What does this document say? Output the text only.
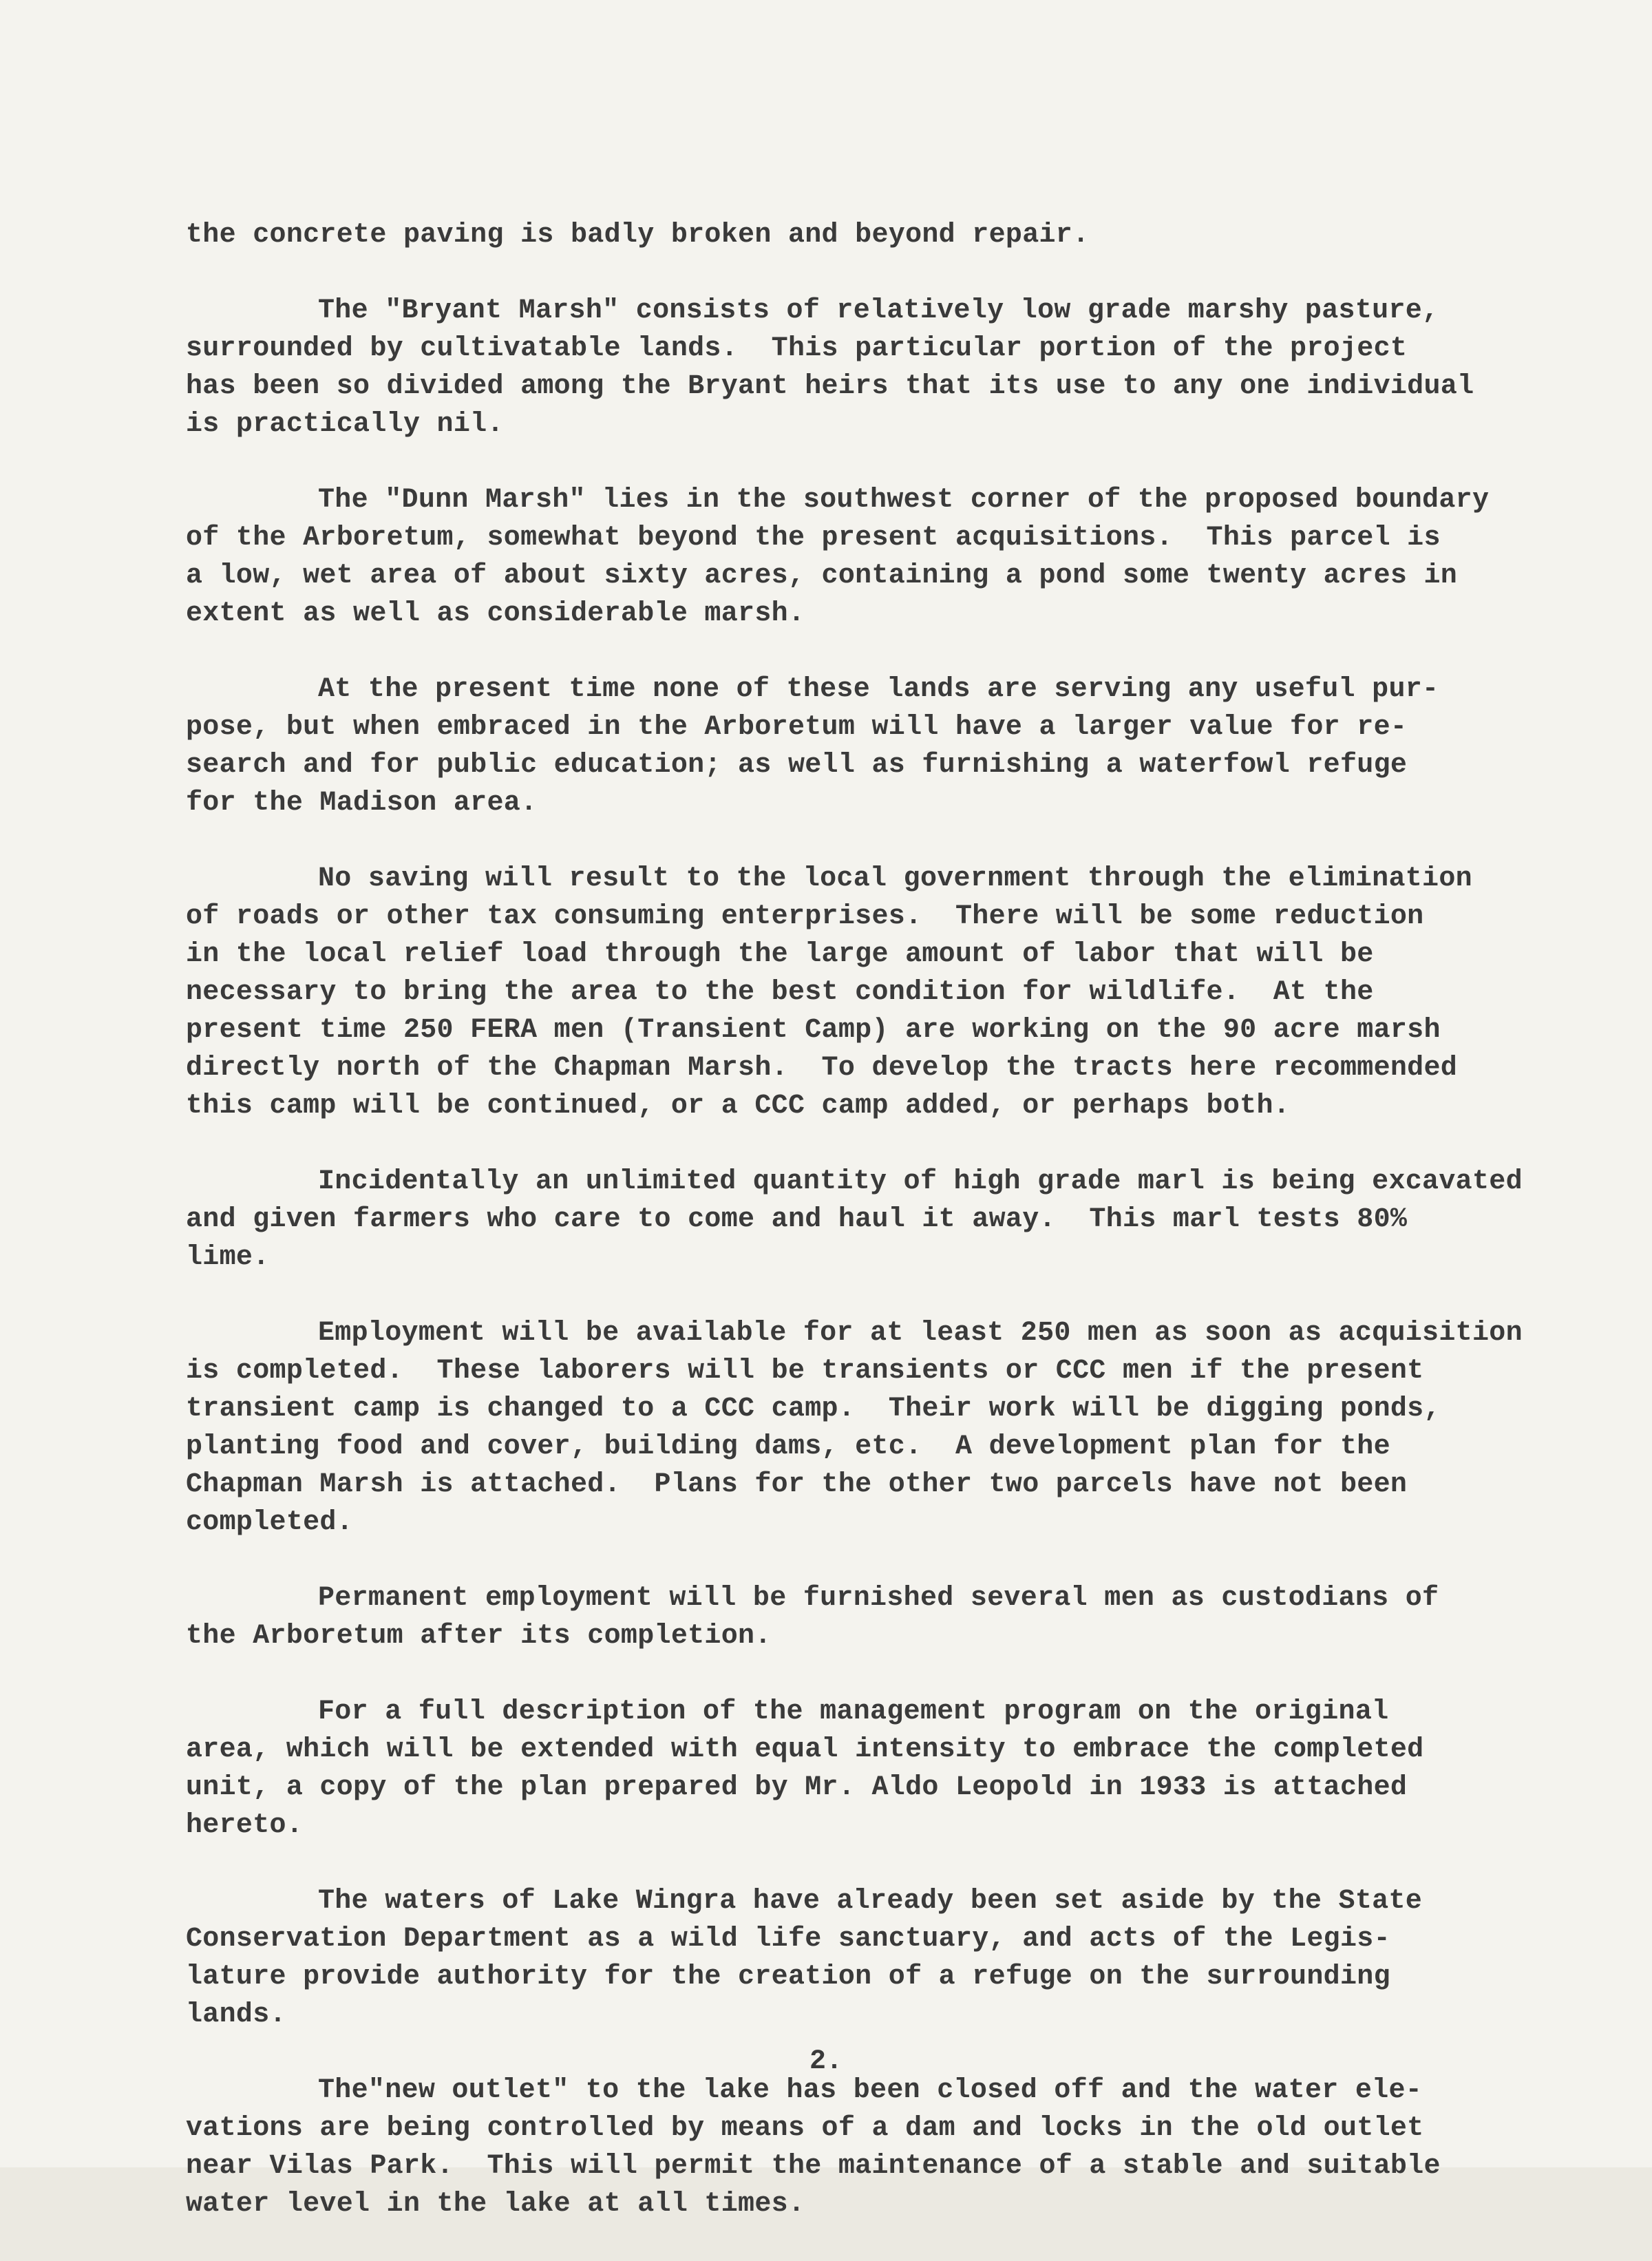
the concrete paving is badly broken and beyond repair.
The "Bryant Marsh" consists of relatively low grade marshy pasture,
surrounded by cultivatable lands.  This particular portion of the project
has been so divided among the Bryant heirs that its use to any one individual
is practically nil.
The "Dunn Marsh" lies in the southwest corner of the proposed boundary
of the Arboretum, somewhat beyond the present acquisitions.  This parcel is
a low, wet area of about sixty acres, containing a pond some twenty acres in
extent as well as considerable marsh.
At the present time none of these lands are serving any useful pur-
pose, but when embraced in the Arboretum will have a larger value for re-
search and for public education; as well as furnishing a waterfowl refuge
for the Madison area.
No saving will result to the local government through the elimination
of roads or other tax consuming enterprises.  There will be some reduction
in the local relief load through the large amount of labor that will be
necessary to bring the area to the best condition for wildlife.  At the
present time 250 FERA men (Transient Camp) are working on the 90 acre marsh
directly north of the Chapman Marsh.  To develop the tracts here recommended
this camp will be continued, or a CCC camp added, or perhaps both.
Incidentally an unlimited quantity of high grade marl is being excavated
and given farmers who care to come and haul it away.  This marl tests 80%
lime.
Employment will be available for at least 250 men as soon as acquisition
is completed.  These laborers will be transients or CCC men if the present
transient camp is changed to a CCC camp.  Their work will be digging ponds,
planting food and cover, building dams, etc.  A development plan for the
Chapman Marsh is attached.  Plans for the other two parcels have not been
completed.
Permanent employment will be furnished several men as custodians of
the Arboretum after its completion.
For a full description of the management program on the original
area, which will be extended with equal intensity to embrace the completed
unit, a copy of the plan prepared by Mr. Aldo Leopold in 1933 is attached
hereto.
The waters of Lake Wingra have already been set aside by the State
Conservation Department as a wild life sanctuary, and acts of the Legis-
lature provide authority for the creation of a refuge on the surrounding
lands.
The"new outlet" to the lake has been closed off and the water ele-
vations are being controlled by means of a dam and locks in the old outlet
near Vilas Park.  This will permit the maintenance of a stable and suitable
water level in the lake at all times.
2.
